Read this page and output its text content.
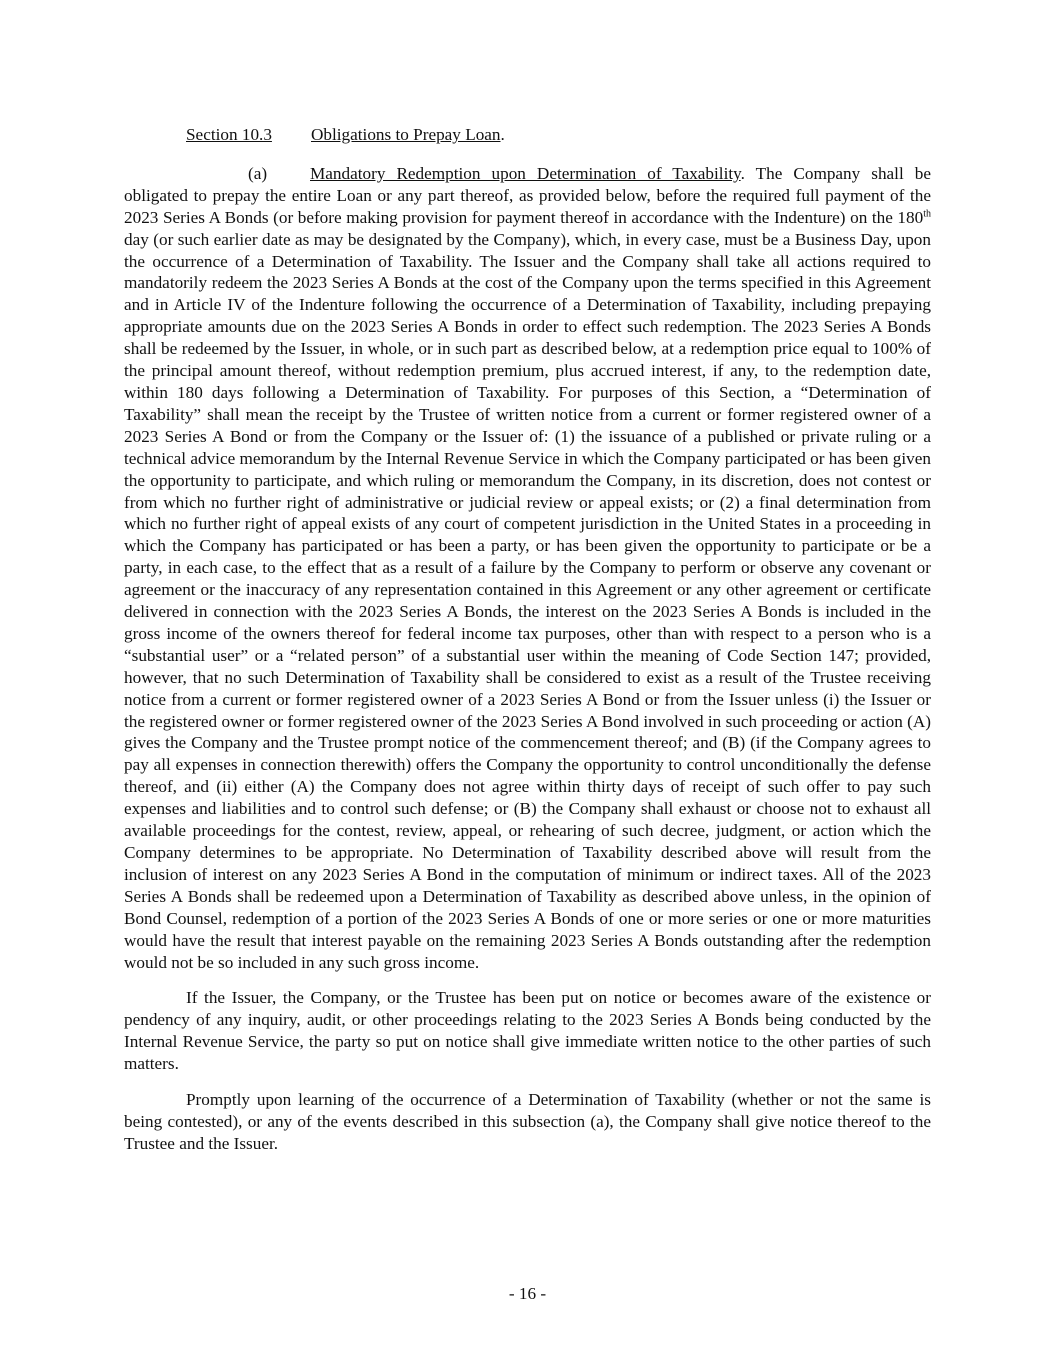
Section 10.3 Obligations to Prepay Loan.

(a) Mandatory Redemption upon Determination of Taxability. The Company shall be obligated to prepay the entire Loan or any part thereof, as provided below, before the required full payment of the 2023 Series A Bonds (or before making provision for payment thereof in accordance with the Indenture) on the 180th day (or such earlier date as may be designated by the Company), which, in every case, must be a Business Day, upon the occurrence of a Determination of Taxability. The Issuer and the Company shall take all actions required to mandatorily redeem the 2023 Series A Bonds at the cost of the Company upon the terms specified in this Agreement and in Article IV of the Indenture following the occurrence of a Determination of Taxability, including prepaying appropriate amounts due on the 2023 Series A Bonds in order to effect such redemption. The 2023 Series A Bonds shall be redeemed by the Issuer, in whole, or in such part as described below, at a redemption price equal to 100% of the principal amount thereof, without redemption premium, plus accrued interest, if any, to the redemption date, within 180 days following a Determination of Taxability. For purposes of this Section, a “Determination of Taxability” shall mean the receipt by the Trustee of written notice from a current or former registered owner of a 2023 Series A Bond or from the Company or the Issuer of: (1) the issuance of a published or private ruling or a technical advice memorandum by the Internal Revenue Service in which the Company participated or has been given the opportunity to participate, and which ruling or memorandum the Company, in its discretion, does not contest or from which no further right of administrative or judicial review or appeal exists; or (2) a final determination from which no further right of appeal exists of any court of competent jurisdiction in the United States in a proceeding in which the Company has participated or has been a party, or has been given the opportunity to participate or be a party, in each case, to the effect that as a result of a failure by the Company to perform or observe any covenant or agreement or the inaccuracy of any representation contained in this Agreement or any other agreement or certificate delivered in connection with the 2023 Series A Bonds, the interest on the 2023 Series A Bonds is included in the gross income of the owners thereof for federal income tax purposes, other than with respect to a person who is a “substantial user” or a “related person” of a substantial user within the meaning of Code Section 147; provided, however, that no such Determination of Taxability shall be considered to exist as a result of the Trustee receiving notice from a current or former registered owner of a 2023 Series A Bond or from the Issuer unless (i) the Issuer or the registered owner or former registered owner of the 2023 Series A Bond involved in such proceeding or action (A) gives the Company and the Trustee prompt notice of the commencement thereof; and (B) (if the Company agrees to pay all expenses in connection therewith) offers the Company the opportunity to control unconditionally the defense thereof, and (ii) either (A) the Company does not agree within thirty days of receipt of such offer to pay such expenses and liabilities and to control such defense; or (B) the Company shall exhaust or choose not to exhaust all available proceedings for the contest, review, appeal, or rehearing of such decree, judgment, or action which the Company determines to be appropriate. No Determination of Taxability described above will result from the inclusion of interest on any 2023 Series A Bond in the computation of minimum or indirect taxes. All of the 2023 Series A Bonds shall be redeemed upon a Determination of Taxability as described above unless, in the opinion of Bond Counsel, redemption of a portion of the 2023 Series A Bonds of one or more series or one or more maturities would have the result that interest payable on the remaining 2023 Series A Bonds outstanding after the redemption would not be so included in any such gross income.

If the Issuer, the Company, or the Trustee has been put on notice or becomes aware of the existence or pendency of any inquiry, audit, or other proceedings relating to the 2023 Series A Bonds being conducted by the Internal Revenue Service, the party so put on notice shall give immediate written notice to the other parties of such matters.

Promptly upon learning of the occurrence of a Determination of Taxability (whether or not the same is being contested), or any of the events described in this subsection (a), the Company shall give notice thereof to the Trustee and the Issuer.

- 16 -
